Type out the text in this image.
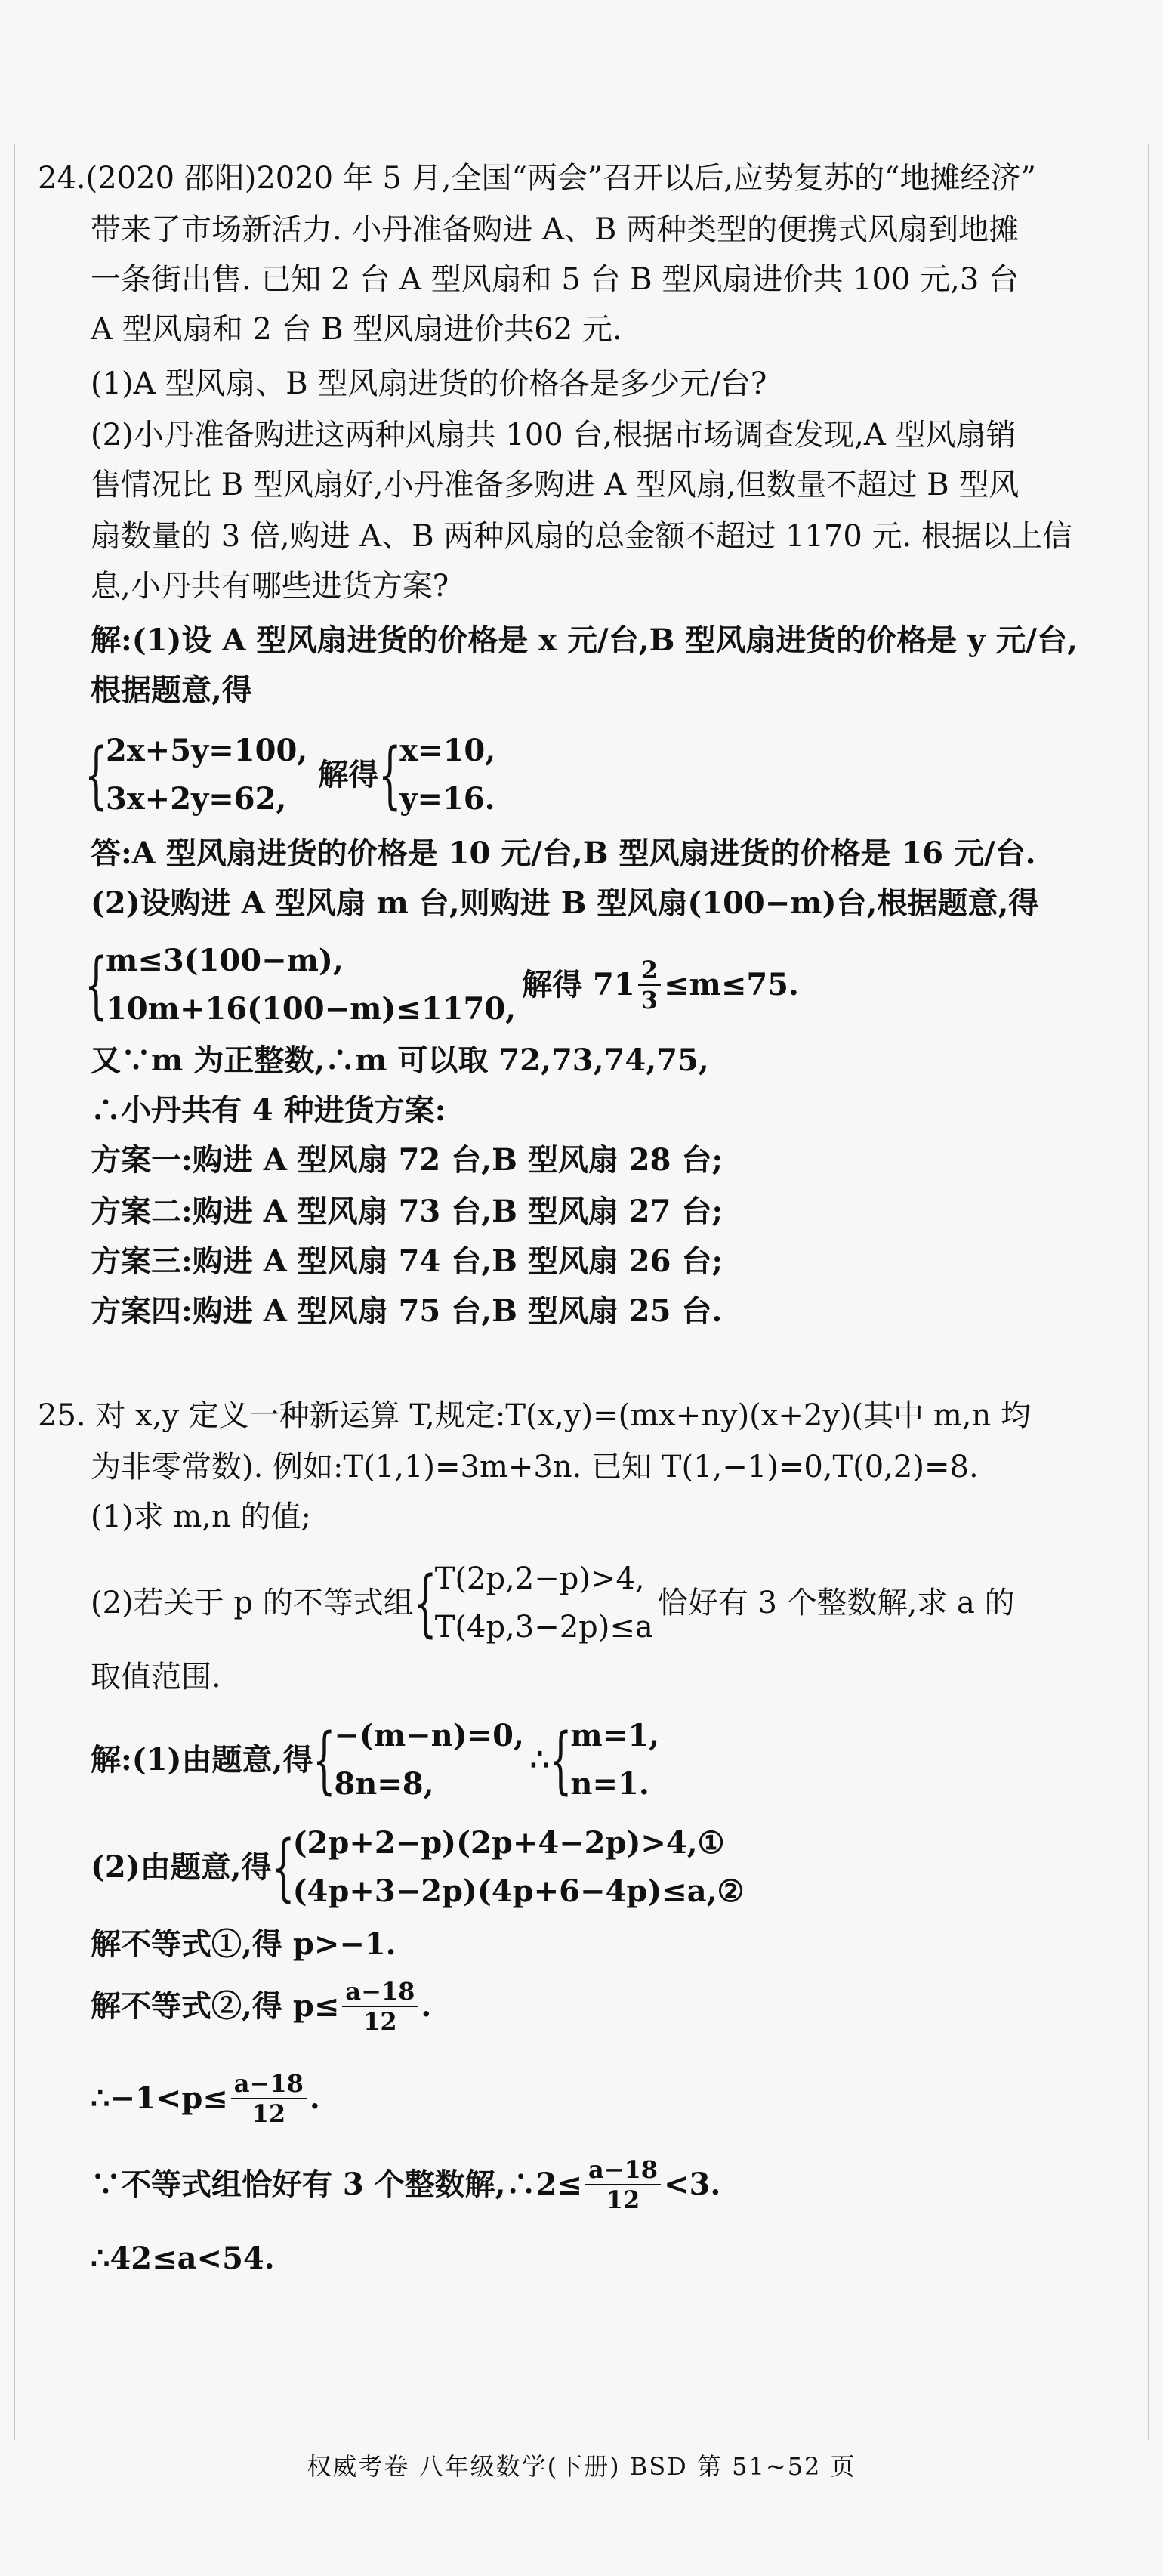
24.(2020 邵阳)2020 年 5 月,全国“两会”召开以后,应势复苏的“地摊经济”
带来了市场新活力. 小丹准备购进 A、B 两种类型的便携式风扇到地摊
一条街出售. 已知 2 台 A 型风扇和 5 台 B 型风扇进价共 100 元,3 台
A 型风扇和 2 台 B 型风扇进价共62 元.
(1)A 型风扇、B 型风扇进货的价格各是多少元/台?
(2)小丹准备购进这两种风扇共 100 台,根据市场调查发现,A 型风扇销
售情况比 B 型风扇好,小丹准备多购进 A 型风扇,但数量不超过 B 型风
扇数量的 3 倍,购进 A、B 两种风扇的总金额不超过 1170 元. 根据以上信
息,小丹共有哪些进货方案?
解:(1)设 A 型风扇进货的价格是 x 元/台,B 型风扇进货的价格是 y 元/台,
根据题意,得
{
2x+5y=100,
3x+2y=62,
解得 {
x=10,
y=16.
答:A 型风扇进货的价格是 10 元/台,B 型风扇进货的价格是 16 元/台.
(2)设购进 A 型风扇 m 台,则购进 B 型风扇(100−m)台,根据题意,得
{
m≤3(100−m),
10m+16(100−m)≤1170,
解得 $71 \frac{2}{3} \le m\le 75$.
又∵m 为正整数,∴m 可以取 72,73,74,75,
∴小丹共有 4 种进货方案:
方案一:购进 A 型风扇 72 台,B 型风扇 28 台;
方案二:购进 A 型风扇 73 台,B 型风扇 27 台;
方案三:购进 A 型风扇 74 台,B 型风扇 26 台;
方案四:购进 A 型风扇 75 台,B 型风扇 25 台.
25. 对 x,y 定义一种新运算 T,规定:T(x,y)=(mx+ny)(x+2y)(其中 m,n 均
为非零常数). 例如:T(1,1)=3m+3n. 已知 T(1,−1)=0,T(0,2)=8.
(1)求 m,n 的值;
(2)若关于 p 的不等式组 {
T(2p,2−p)>4,
T(4p,3−2p)≤a
恰好有 3 个整数解,求 a 的
取值范围.
解:(1)由题意,得 {
−(m−n)=0,
8n=8,
∴ {
m=1,
n=1.
(2)由题意,得 {
(2p+2−p)(2p+4−2p)>4,①
(4p+3−2p)(4p+6−4p)≤a,②
解不等式①,得 p>−1.
解不等式②,得 $p\le \frac{a-18}{12}$ .
∴−1<p≤ $\frac{a-18}{12}$ .
∵不等式组恰好有 3 个整数解,∴2≤ $\frac{a-18}{12} <3$.
∴42≤a<54.
权威考卷 八年级数学(下册) BSD 第 51~52 页
